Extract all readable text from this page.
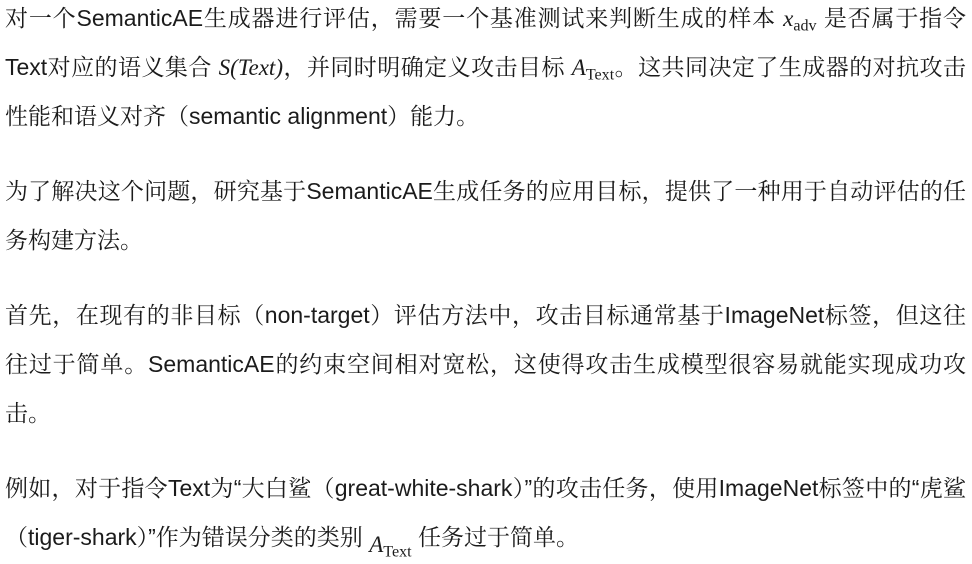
对一个SemanticAE生成器进行评估，需要一个基准测试来判断生成的样本 $x_{adv}$ 是否属于指令Text对应的语义集合 S(Text)，并同时明确定义攻击目标 $A_{Text}$。这共同决定了生成器的对抗攻击性能和语义对齐（semantic alignment）能力。

为了解决这个问题，研究基于SemanticAE生成任务的应用目标，提供了一种用于自动评估的任务构建方法。

首先，在现有的非目标（non-target）评估方法中，攻击目标通常基于ImageNet标签，但这往往过于简单。SemanticAE的约束空间相对宽松，这使得攻击生成模型很容易就能实现成功攻击。

例如，对于指令Text为“大白鲨（great-white-shark）”的攻击任务，使用ImageNet标签中的“虎鲨（tiger-shark）”作为错误分类的类别 $A_{Text}$ 任务过于简单。
